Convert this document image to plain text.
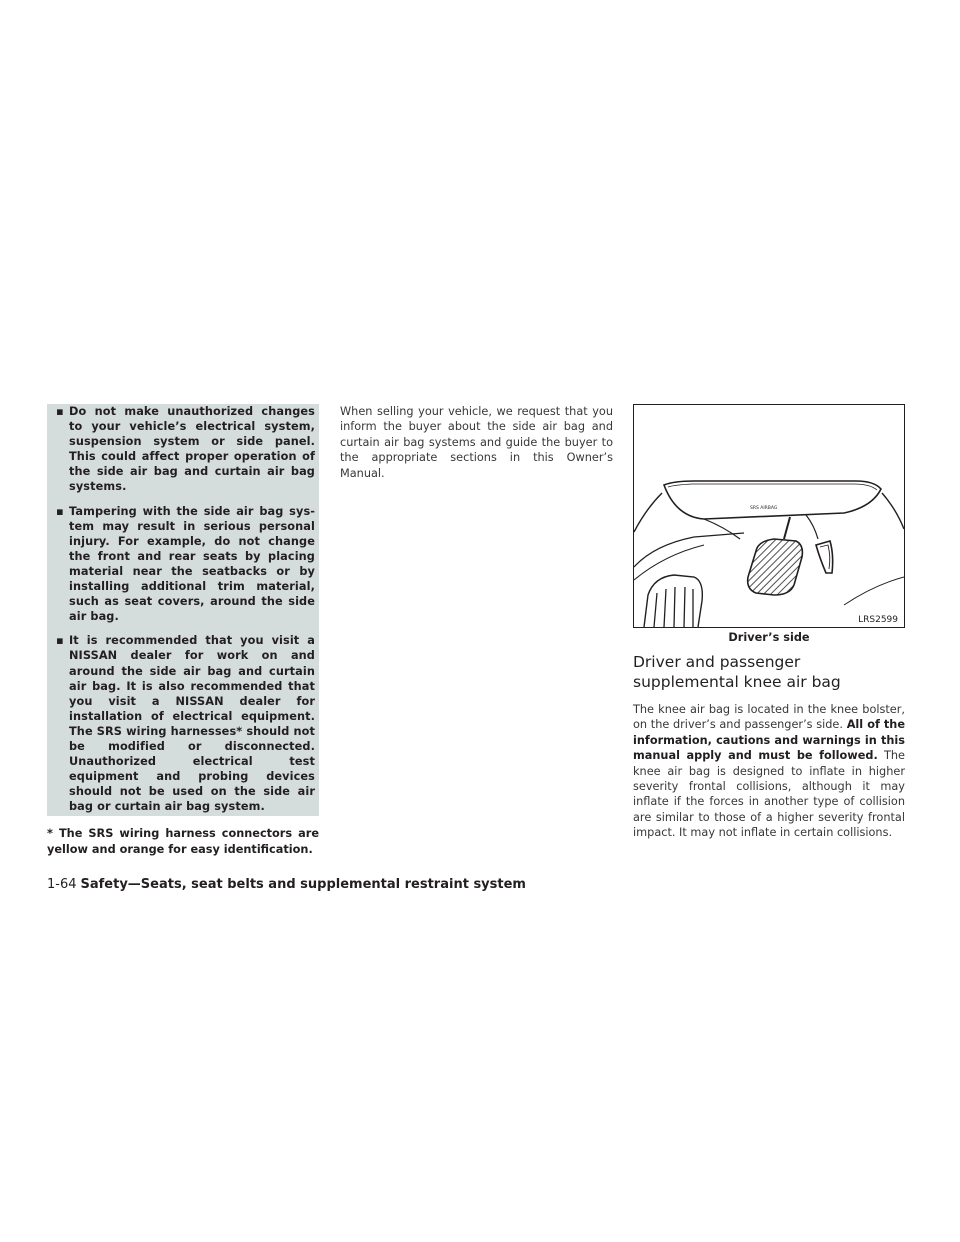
▪ Do not make unauthorized changes to your vehicle’s electrical system, suspension system or side panel. This could affect proper operation of the side air bag and curtain air bag systems.

▪ Tampering with the side air bag system may result in serious personal injury. For example, do not change the front and rear seats by placing material near the seatbacks or by installing additional trim material, such as seat covers, around the side air bag.

▪ It is recommended that you visit a NISSAN dealer for work on and around the side air bag and curtain air bag. It is also recommended that you visit a NISSAN dealer for installation of electrical equipment. The SRS wiring harnesses* should not be modified or disconnected. Unauthorized electrical test equipment and probing devices should not be used on the side air bag or curtain air bag system.

* The SRS wiring harness connectors are yellow and orange for easy identification.

When selling your vehicle, we request that you inform the buyer about the side air bag and curtain air bag systems and guide the buyer to the appropriate sections in this Owner’s Manual.

SRS AIRBAG
LRS2599

Driver’s side

Driver and passenger supplemental knee air bag

The knee air bag is located in the knee bolster, on the driver’s and passenger’s side. All of the information, cautions and warnings in this manual apply and must be followed. The knee air bag is designed to inflate in higher severity frontal collisions, although it may inflate if the forces in another type of collision are similar to those of a higher severity frontal impact. It may not inflate in certain collisions.

1-64 Safety—Seats, seat belts and supplemental restraint system
